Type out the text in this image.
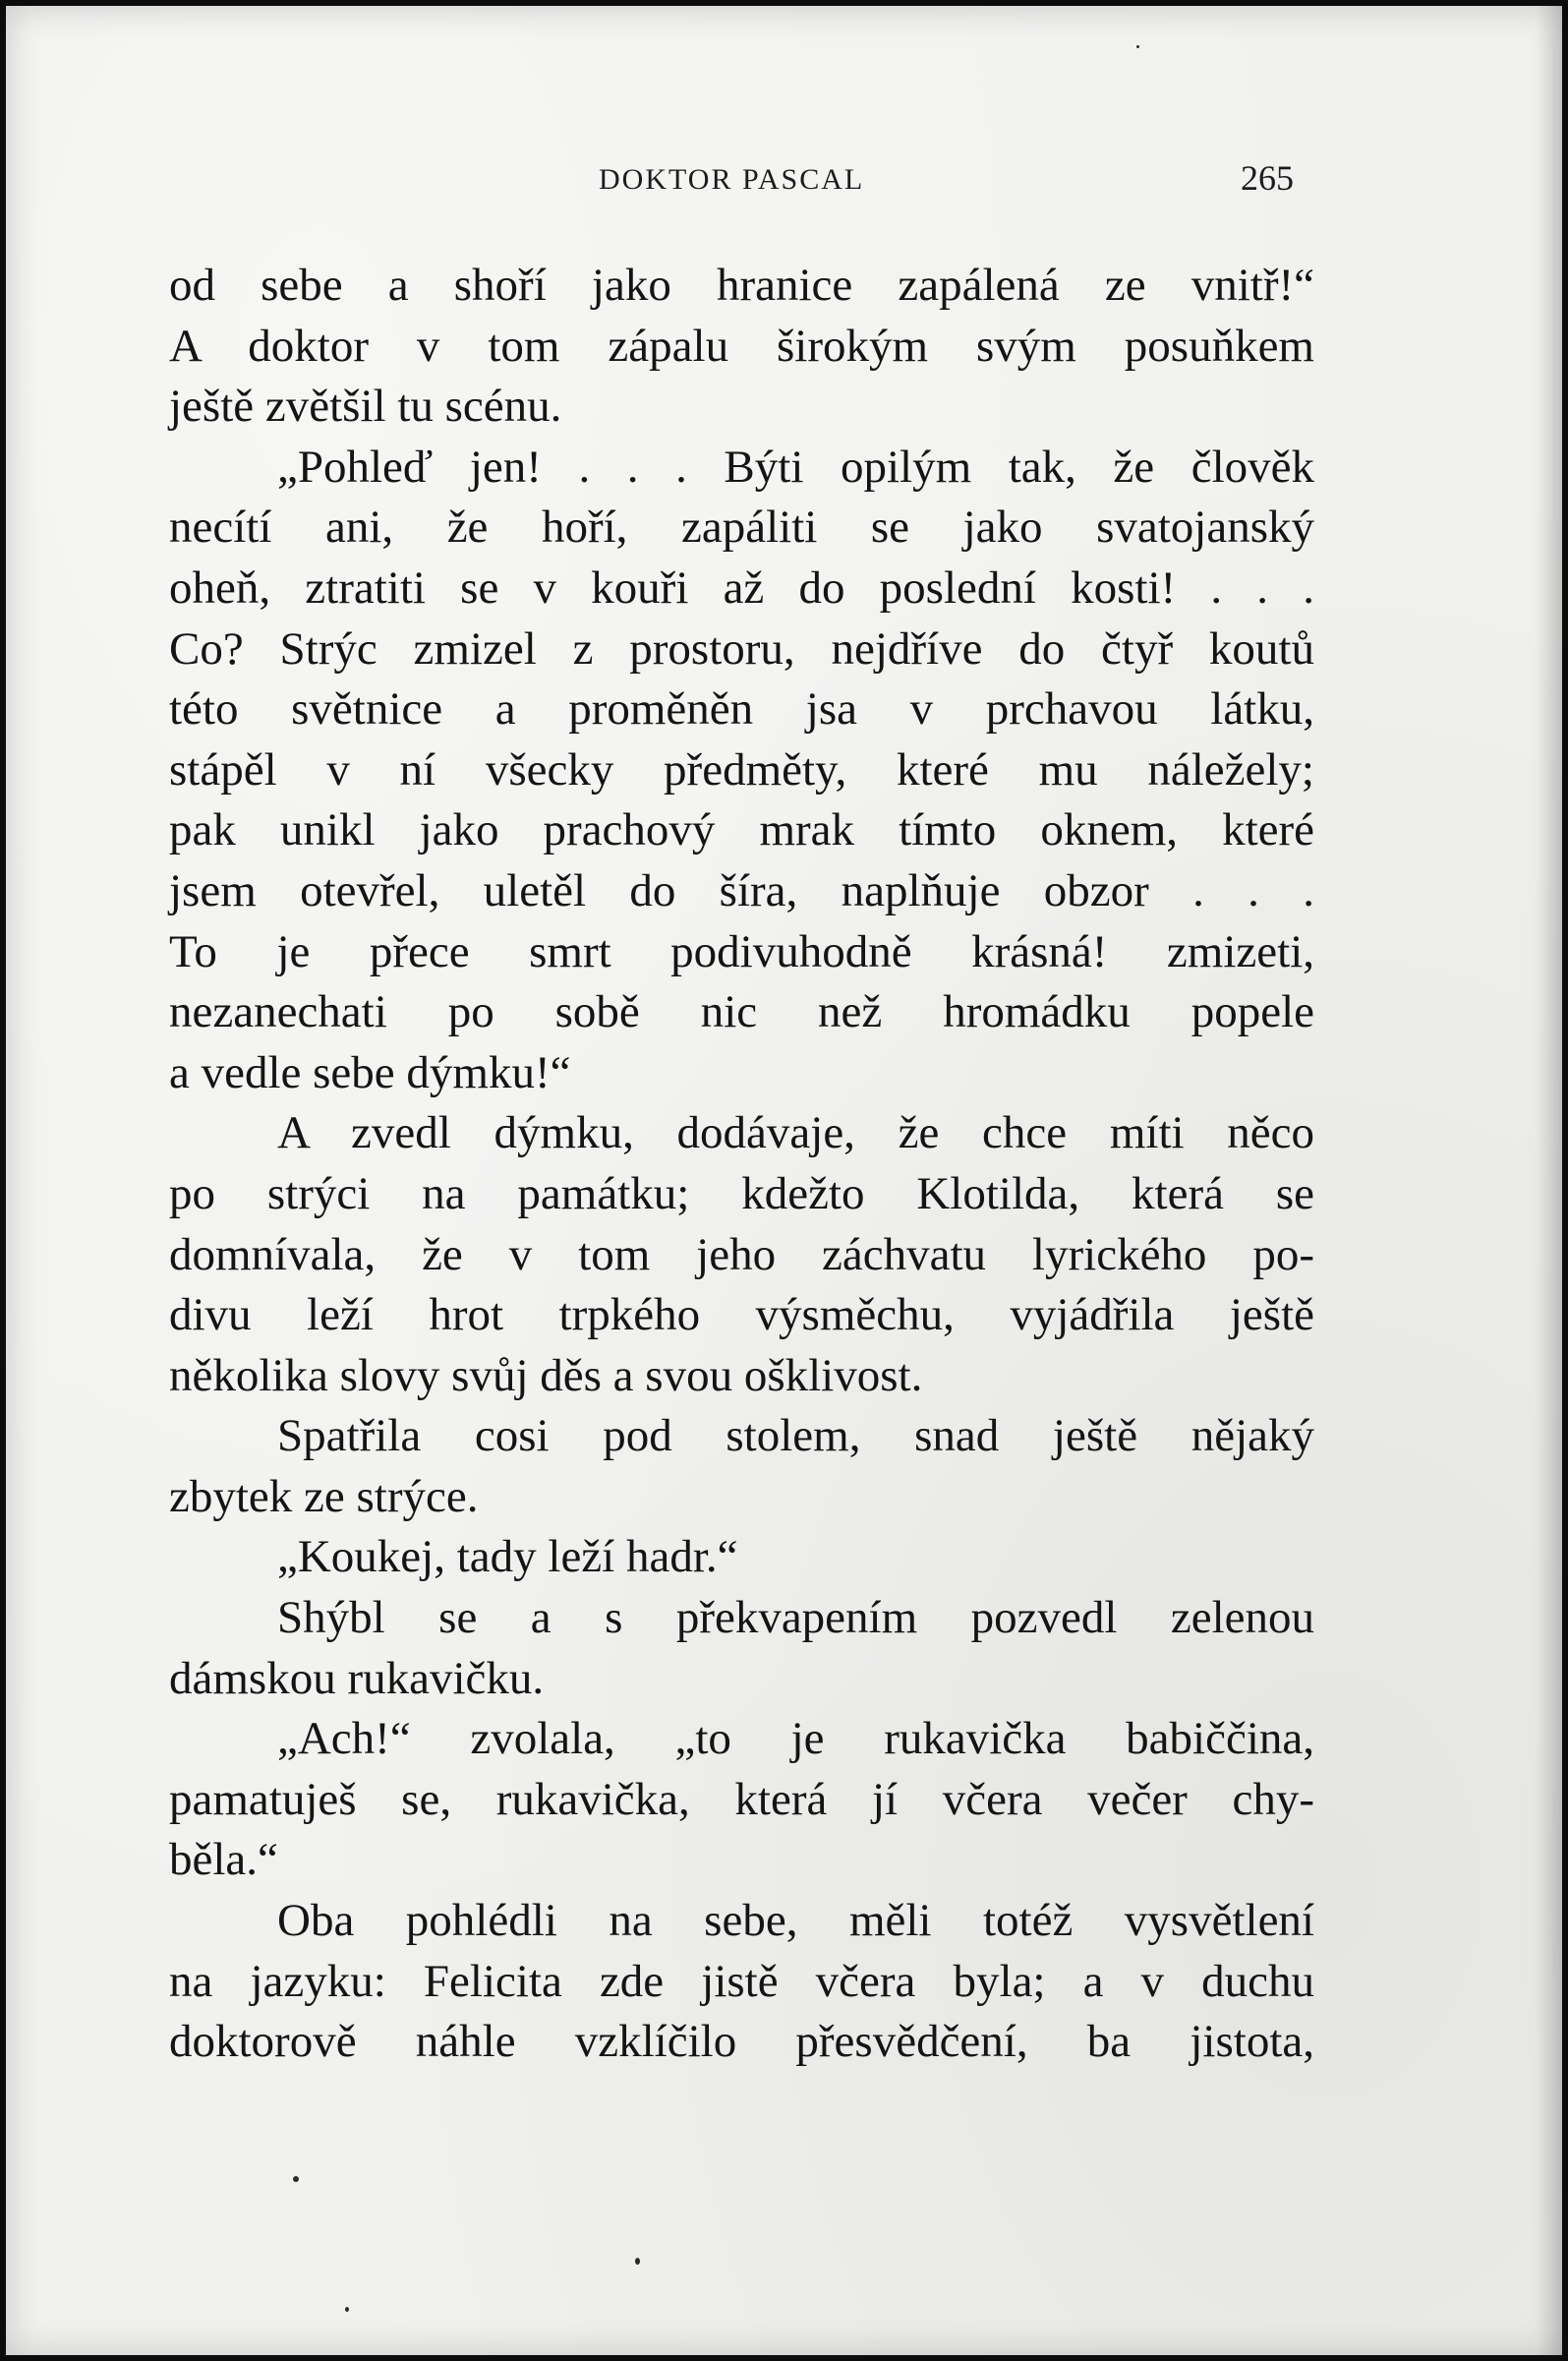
DOKTOR PASCAL	265
od sebe a shoří jako hranice zapálená ze vnitř!“
A doktor v tom zápalu širokým svým posuňkem
ještě zvětšil tu scénu.
„Pohleď jen! . . . Býti opilým tak, že člověk
necítí ani, že hoří, zapáliti se jako svatojanský
oheň, ztratiti se v kouři až do poslední kosti! . . .
Co? Strýc zmizel z prostoru, nejdříve do čtyř koutů
této světnice a proměněn jsa v prchavou látku,
stápěl v ní všecky předměty, které mu náležely;
pak unikl jako prachový mrak tímto oknem, které
jsem otevřel, uletěl do šíra, naplňuje obzor . . .
To je přece smrt podivuhodně krásná! zmizeti,
nezanechati po sobě nic než hromádku popele
a vedle sebe dýmku!“
A zvedl dýmku, dodávaje, že chce míti něco
po strýci na památku; kdežto Klotilda, která se
domnívala, že v tom jeho záchvatu lyrického po-
divu leží hrot trpkého výsměchu, vyjádřila ještě
několika slovy svůj děs a svou ošklivost.
Spatřila cosi pod stolem, snad ještě nějaký
zbytek ze strýce.
„Koukej, tady leží hadr.“
Shýbl se a s překvapením pozvedl zelenou
dámskou rukavičku.
„Ach!“ zvolala, „to je rukavička babiččina,
pamatuješ se, rukavička, která jí včera večer chy-
běla.“
Oba pohlédli na sebe, měli totéž vysvětlení
na jazyku: Felicita zde jistě včera byla; a v duchu
doktorově náhle vzklíčilo přesvědčení, ba jistota,
